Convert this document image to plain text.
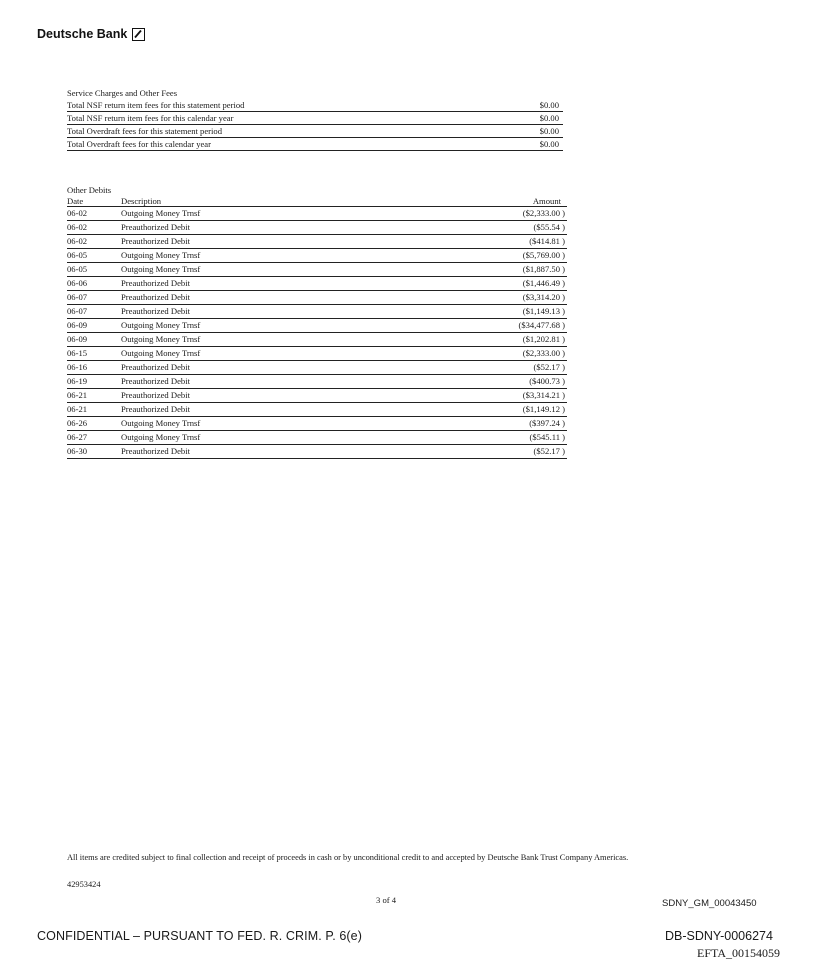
Deutsche Bank
Service Charges and Other Fees
Total NSF return item fees for this statement period	$0.00
Total NSF return item fees for this calendar year	$0.00
Total Overdraft fees for this statement period	$0.00
Total Overdraft fees for this calendar year	$0.00
Other Debits
Date	Description	Amount
06-02	Outgoing Money Trnsf	($2,333.00 )
06-02	Preauthorized Debit	($55.54 )
06-02	Preauthorized Debit	($414.81 )
06-05	Outgoing Money Trnsf	($5,769.00 )
06-05	Outgoing Money Trnsf	($1,887.50 )
06-06	Preauthorized Debit	($1,446.49 )
06-07	Preauthorized Debit	($3,314.20 )
06-07	Preauthorized Debit	($1,149.13 )
06-09	Outgoing Money Trnsf	($34,477.68 )
06-09	Outgoing Money Trnsf	($1,202.81 )
06-15	Outgoing Money Trnsf	($2,333.00 )
06-16	Preauthorized Debit	($52.17 )
06-19	Preauthorized Debit	($400.73 )
06-21	Preauthorized Debit	($3,314.21 )
06-21	Preauthorized Debit	($1,149.12 )
06-26	Outgoing Money Trnsf	($397.24 )
06-27	Outgoing Money Trnsf	($545.11 )
06-30	Preauthorized Debit	($52.17 )
All items are credited subject to final collection and receipt of proceeds in cash or by unconditional credit to and accepted by Deutsche Bank Trust Company Americas.
42953424
3 of 4	SDNY_GM_00043450
CONFIDENTIAL – PURSUANT TO FED. R. CRIM. P. 6(e)	DB-SDNY-0006274
EFTA_00154059
